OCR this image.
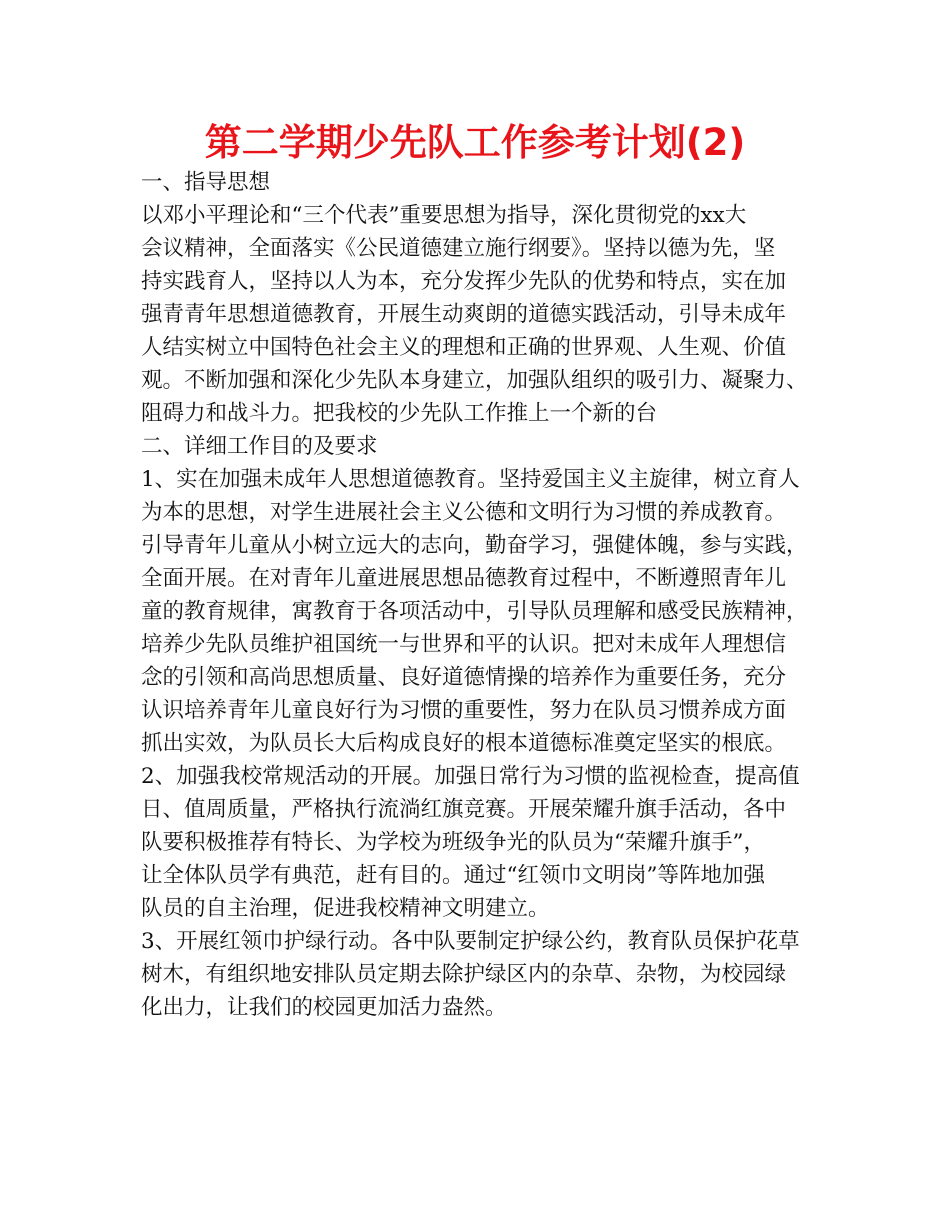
第二学期少先队工作参考计划(2)
一、指导思想
以邓小平理论和“三个代表”重要思想为指导，深化贯彻党的xx大
会议精神，全面落实《公民道德建立施行纲要》。坚持以德为先，坚
持实践育人，坚持以人为本，充分发挥少先队的优势和特点，实在加
强青青年思想道德教育，开展生动爽朗的道德实践活动，引导未成年
人结实树立中国特色社会主义的理想和正确的世界观、人生观、价值
观。不断加强和深化少先队本身建立，加强队组织的吸引力、凝聚力、
阻碍力和战斗力。把我校的少先队工作推上一个新的台
二、详细工作目的及要求
1、实在加强未成年人思想道德教育。坚持爱国主义主旋律，树立育人
为本的思想，对学生进展社会主义公德和文明行为习惯的养成教育。
引导青年儿童从小树立远大的志向，勤奋学习，强健体魄，参与实践，
全面开展。在对青年儿童进展思想品德教育过程中，不断遵照青年儿
童的教育规律，寓教育于各项活动中，引导队员理解和感受民族精神，
培养少先队员维护祖国统一与世界和平的认识。把对未成年人理想信
念的引领和高尚思想质量、良好道德情操的培养作为重要任务，充分
认识培养青年儿童良好行为习惯的重要性，努力在队员习惯养成方面
抓出实效，为队员长大后构成良好的根本道德标准奠定坚实的根底。
2、加强我校常规活动的开展。加强日常行为习惯的监视检查，提高值
日、值周质量，严格执行流淌红旗竞赛。开展荣耀升旗手活动，各中
队要积极推荐有特长、为学校为班级争光的队员为“荣耀升旗手”，
让全体队员学有典范，赶有目的。通过“红领巾文明岗”等阵地加强
队员的自主治理，促进我校精神文明建立。
3、开展红领巾护绿行动。各中队要制定护绿公约，教育队员保护花草
树木，有组织地安排队员定期去除护绿区内的杂草、杂物，为校园绿
化出力，让我们的校园更加活力盎然。
